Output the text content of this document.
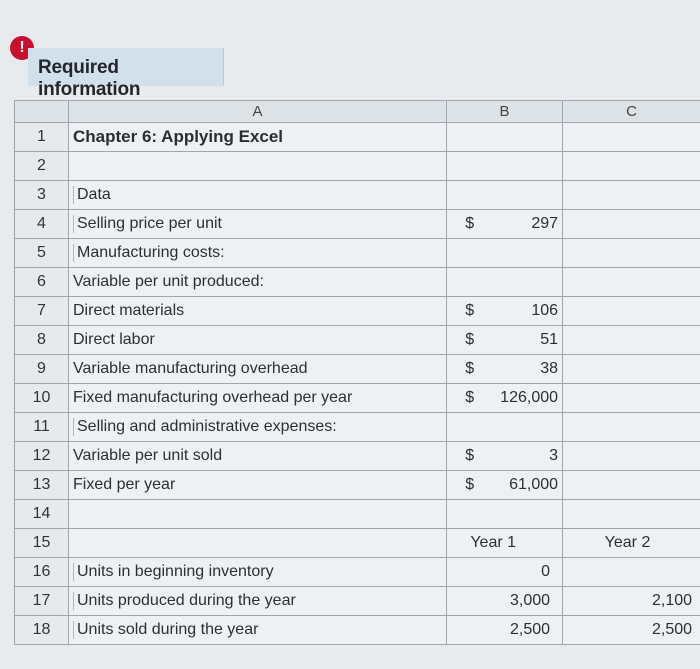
!
Required information
	A	B		C
1	Chapter 6: Applying Excel			
2				
3	Data			
4	Selling price per unit	$	297	
5	Manufacturing costs:			
6	Variable per unit produced:			
7	Direct materials	$	106	
8	Direct labor	$	51	
9	Variable manufacturing overhead	$	38	
10	Fixed manufacturing overhead per year	$	126,000	
11	Selling and administrative expenses:			
12	Variable per unit sold	$	3	
13	Fixed per year	$	61,000	
14				
15		Year 1		Year 2
16	Units in beginning inventory	0		
17	Units produced during the year	3,000		2,100
18	Units sold during the year	2,500		2,500
